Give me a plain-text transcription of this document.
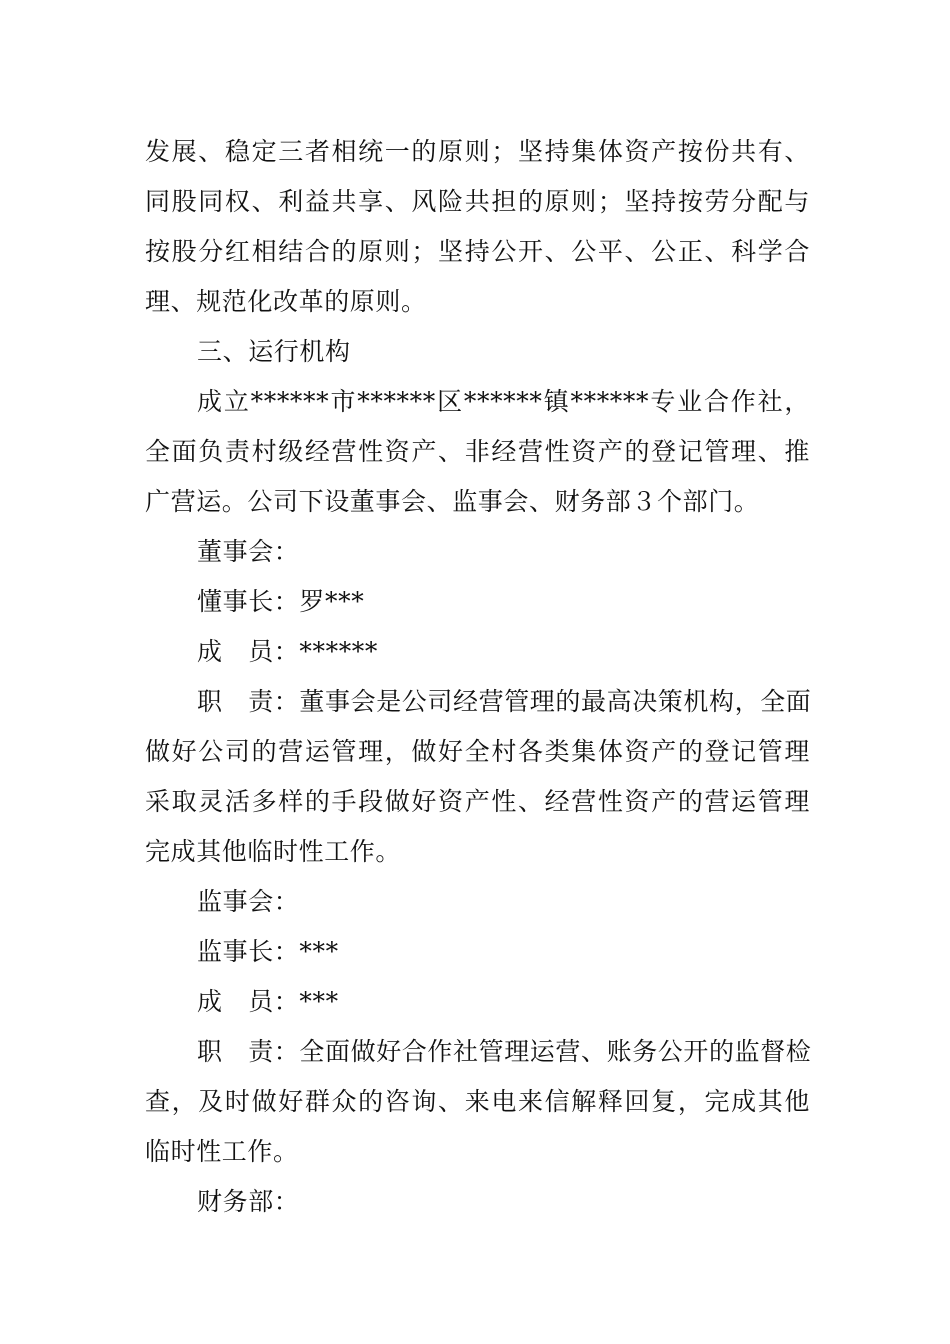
发展、稳定三者相统一的原则；坚持集体资产按份共有、
同股同权、利益共享、风险共担的原则；坚持按劳分配与
按股分红相结合的原则；坚持公开、公平、公正、科学合
理、规范化改革的原则。
三、运行机构
成立******市******区******镇******专业合作社，
全面负责村级经营性资产、非经营性资产的登记管理、推
广营运。公司下设董事会、监事会、财务部３个部门。
董事会：
懂事长：罗***
成　员：******
职　责：董事会是公司经营管理的最高决策机构，全面
做好公司的营运管理，做好全村各类集体资产的登记管理
采取灵活多样的手段做好资产性、经营性资产的营运管理
完成其他临时性工作。
监事会：
监事长：***
成　员：***
职　责：全面做好合作社管理运营、账务公开的监督检
查，及时做好群众的咨询、来电来信解释回复，完成其他
临时性工作。
财务部：
